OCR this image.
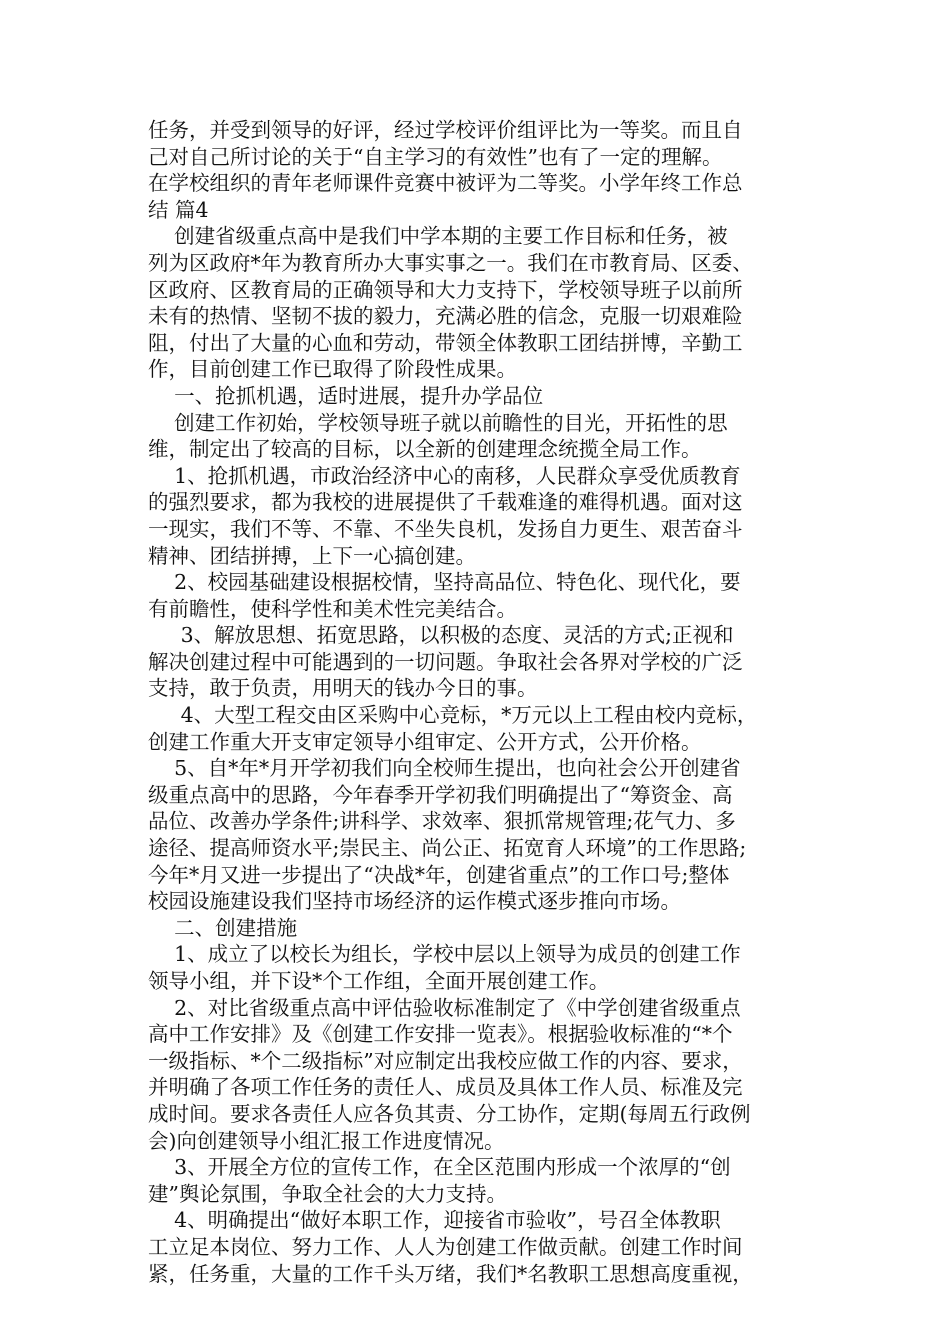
任务，并受到领导的好评，经过学校评价组评比为一等奖。而且自
己对自己所讨论的关于“自主学习的有效性”也有了一定的理解。
在学校组织的青年老师课件竞赛中被评为二等奖。小学年终工作总
结 篇4
创建省级重点高中是我们中学本期的主要工作目标和任务，被
列为区政府*年为教育所办大事实事之一。我们在市教育局、区委、
区政府、区教育局的正确领导和大力支持下，学校领导班子以前所
未有的热情、坚韧不拔的毅力，充满必胜的信念，克服一切艰难险
阻，付出了大量的心血和劳动，带领全体教职工团结拼博，辛勤工
作，目前创建工作已取得了阶段性成果。
一、抢抓机遇，适时进展，提升办学品位
创建工作初始，学校领导班子就以前瞻性的目光，开拓性的思
维，制定出了较高的目标，以全新的创建理念统揽全局工作。
1、抢抓机遇，市政治经济中心的南移，人民群众享受优质教育
的强烈要求，都为我校的进展提供了千载难逢的难得机遇。面对这
一现实，我们不等、不靠、不坐失良机，发扬自力更生、艰苦奋斗
精神、团结拼搏，上下一心搞创建。
2、校园基础建设根据校情，坚持高品位、特色化、现代化，要
有前瞻性，使科学性和美术性完美结合。
3、解放思想、拓宽思路，以积极的态度、灵活的方式;正视和
解决创建过程中可能遇到的一切问题。争取社会各界对学校的广泛
支持，敢于负责，用明天的钱办今日的事。
4、大型工程交由区采购中心竞标，*万元以上工程由校内竞标，
创建工作重大开支审定领导小组审定、公开方式，公开价格。
5、自*年*月开学初我们向全校师生提出，也向社会公开创建省
级重点高中的思路，今年春季开学初我们明确提出了“筹资金、高
品位、改善办学条件;讲科学、求效率、狠抓常规管理;花气力、多
途径、提高师资水平;崇民主、尚公正、拓宽育人环境”的工作思路;
今年*月又进一步提出了“决战*年，创建省重点”的工作口号;整体
校园设施建设我们坚持市场经济的运作模式逐步推向市场。
二、创建措施
1、成立了以校长为组长，学校中层以上领导为成员的创建工作
领导小组，并下设*个工作组，全面开展创建工作。
2、对比省级重点高中评估验收标准制定了《中学创建省级重点
高中工作安排》及《创建工作安排一览表》。根据验收标准的“*个
一级指标、*个二级指标”对应制定出我校应做工作的内容、要求，
并明确了各项工作任务的责任人、成员及具体工作人员、标准及完
成时间。要求各责任人应各负其责、分工协作，定期(每周五行政例
会)向创建领导小组汇报工作进度情况。
3、开展全方位的宣传工作，在全区范围内形成一个浓厚的“创
建”舆论氛围，争取全社会的大力支持。
4、明确提出“做好本职工作，迎接省市验收”，号召全体教职
工立足本岗位、努力工作、人人为创建工作做贡献。创建工作时间
紧，任务重，大量的工作千头万绪，我们*名教职工思想高度重视，
